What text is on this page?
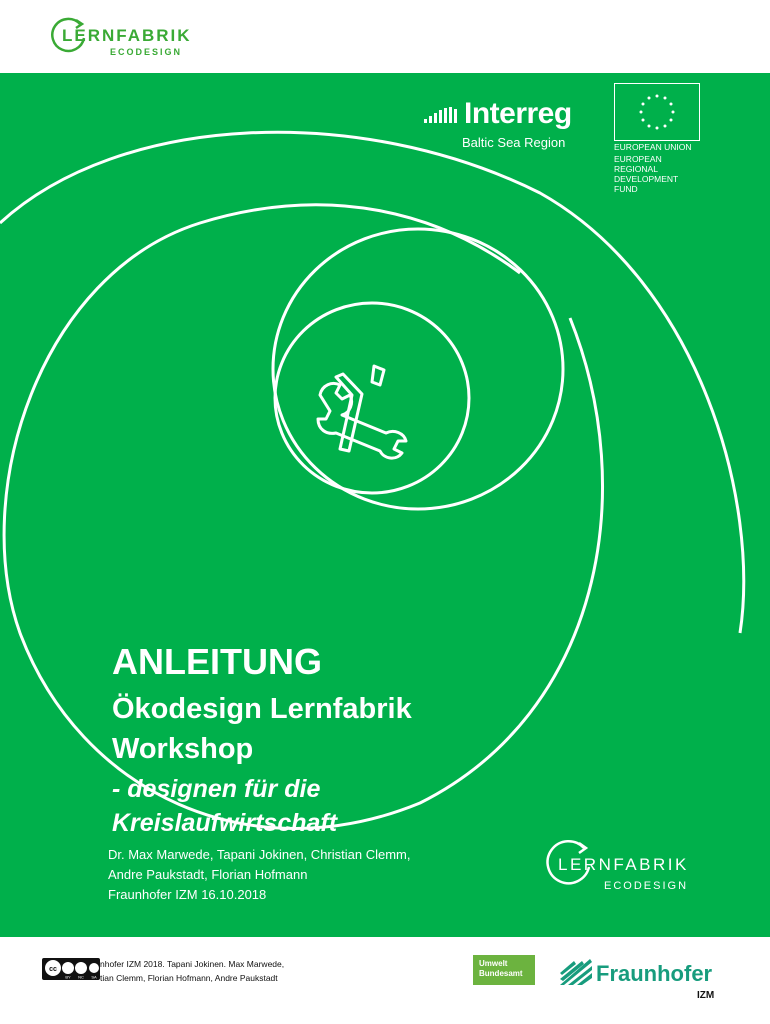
LERNFABRIK
ECODESIGN
Interreg
Baltic Sea Region	EUROPEAN UNION
EUROPEAN
REGIONAL
DEVELOPMENT
FUND
ANLEITUNG
Ökodesign Lernfabrik
Workshop
- designen für die
Kreislaufwirtschaft
Dr. Max Marwede, Tapani Jokinen, Christian Clemm,
Andre Paukstadt, Florian Hofmann
Fraunhofer IZM 16.10.2018
LERNFABRIK
ECODESIGN
cc
BY NC SA
nhofer IZM 2018. Tapani Jokinen. Max Marwede,
tian Clemm, Florian Hofmann, Andre Paukstadt
Umwelt
Bundesamt	Fraunhofer
IZM
